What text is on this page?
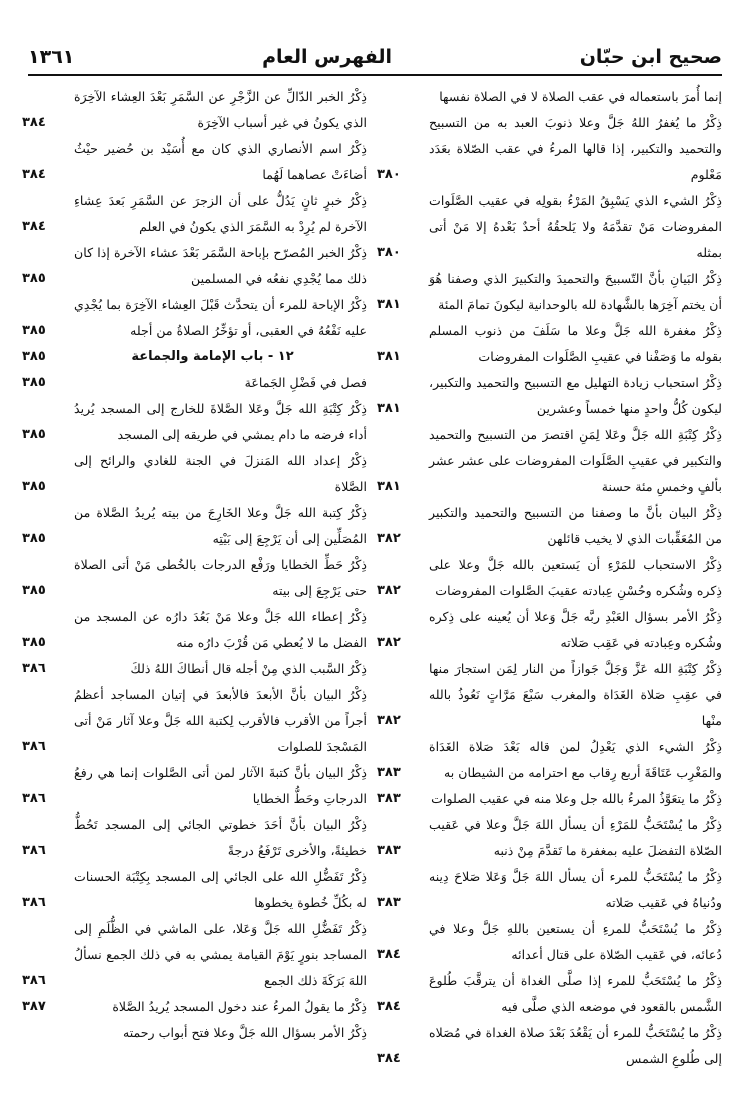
صحيح ابن حبّان
الفهرس العام
١٣٦١
إنما أُمرَ باستعماله في عقب الصلاة لا في الصلاة نفسها
ذِكْرُ ما يُغفرُ اللهُ جَلَّ وعلا ذنوبَ العبد به من التسبيح والتحميد والتكبير، إذا قالها المرءُ في عقب الصّلاة بعَدَد مَعْلوم
٣٨٠
ذِكْرُ الشيء الذي يَسْبِقُ المَرْءُ بقولِه في عقيب الصَّلَوات المفروضات مَنْ تقدَّمَهُ ولا يَلحقُهُ أحدٌ بَعْدهُ إلا مَنْ أتى بمثله
٣٨٠
ذِكْرُ البَيانِ بأنَّ التّسبيحَ والتحميدَ والتكبيرَ الذي وصفنا هُوَ أن يختم آخِرَها بالشَّهادة لله بالوحدانية ليكونَ تمامَ المئة
٣٨١
ذِكْرُ مغفرة الله جَلَّ وعلا ما سَلَفَ من ذنوب المسلم بقوله ما وَصَفْنا في عقيبِ الصَّلَوات المفروضات
٣٨١
ذِكْرُ استحباب زيادة التهليل مع التسبيح والتحميد والتكبير، ليكون كُلُّ واحدٍ منها خمساً وعشرين
٣٨١
ذِكْرُ كِتْبَةِ الله جَلَّ وعَلا لِمَنِ اقتصرَ من التسبيح والتحميد والتكبير في عقيبِ الصَّلَوات المفروضات على عشر عشر بألفٍ وخمسِ مئة حسنة
٣٨١
ذِكْرُ البيان بأنَّ ما وصفنا من التسبيح والتحميد والتكبير من المُعَقِّبات الذي لا يخيب قائلهن
٣٨٢
ذِكْرُ الاستحباب للمَرْءِ أن يَستعين بالله جَلَّ وعلا على ذِكره وشُكره وحُسْنِ عِبادته عقيبَ الصَّلوات المفروضات
٣٨٢
ذِكْرُ الأمر بسؤال العَبْدِ ربَّه جَلَّ وَعلا أن يُعينه على ذِكره وشُكره وعِبادته في عَقِب صَلاته
٣٨٢
ذِكْرُ كِتْبَةِ الله عَزَّ وَجَلَّ جَوازاً من النار لِمَن استجارَ منها في عقِبِ صَلاة الغَدَاة والمغرب سَبْعَ مَرَّاتٍ نَعُوذُ بالله منْها
٣٨٢
ذِكْرُ الشيء الذي يَعْدِلُ لمن قاله بَعْدَ صَلاة الغَدَاة والمَغْرِب عَتَاقَةَ أربع رِقاب مع احترامه من الشيطان به
٣٨٣
ذِكْرُ ما يتعَوَّذُ المرءُ بالله جل وعلا منه في عقيب الصلوات
٣٨٣
ذِكْرُ ما يُسْتَحَبُّ للمَرْءِ أن يسأل اللهَ جَلَّ وعلا في عَقيب الصّلاة التفضلَ عليه بمغفرة ما تَقدَّمَ مِنْ ذنبه
٣٨٣
ذِكْرُ ما يُسْتَحَبُّ للمرء أن يسأل اللهَ جَلَّ وَعَلا صَلاحَ دِينه ودُنياهُ في عَقيب صَلاته
٣٨٣
ذِكْرُ ما يُسْتَحَبُّ للمرءِ أن يستعين باللهِ جَلَّ وعلا في دُعائه، في عَقيب الصّلاة على قتال أعدائه
٣٨٤
ذِكْرُ ما يُسْتَحَبُّ للمرء إذا صلَّى الغداة أن يترقَّبَ طُلوعَ الشَّمس بالقعود في موضعه الذي صلَّى فيه
٣٨٤
ذِكْرُ ما يُسْتَحَبُّ للمرء أن يَقْعُدَ بَعْدَ صلاة الغداة في مُصَلاه إلى طُلوعِ الشمس
٣٨٤
ذِكْرُ الخبر الدّالِّ عن الزَّجْرِ عن السَّمَرِ بَعْدَ العِشاء الآخِرَة الذي يكونُ في غير أسباب الآخِرَة
٣٨٤
ذِكْرُ اسم الأنصاري الذي كان مع أُسَيْد بن حُضير حيْثُ أضاءَتْ عصاهما لَهُما
٣٨٤
ذِكْرُ خبرٍ ثانٍ يَدُلُّ على أن الزجرَ عن السَّمَرِ بَعدَ عِشاءِ الآخرة لم يُرِدْ به السَّمَرَ الذي يكونُ في العلم
٣٨٤
ذِكْرُ الخبر المُصرّح بإباحة السَّمَر بَعْدَ عشاء الآخرة إذا كان ذلك مما يُجْدِي نفعُه في المسلمين
٣٨٥
ذِكْرُ الإباحة للمرء أن يتحدَّث قَبْلَ العِشاء الآخِرَة بما يُجْدِي عليه نَفْعُهُ في العقبى، أو تؤخِّرُ الصلاةُ من أجله
٣٨٥
١٢ - باب الإمامة والجماعة
٣٨٥
فصل في فَضْلِ الجَماعَة
٣٨٥
ذِكْرُ كِتْبَةِ الله جَلَّ وعَلا الصَّلاةَ للخارج إلى المسجد يُريدُ أداء فرضه ما دام يمشي في طريقه إلى المسجد
٣٨٥
ذِكْرُ إعداد الله المَنزلَ في الجنة للغادي والرائح إلى الصَّلاة
٣٨٥
ذِكْرُ كِتبة الله جَلَّ وعلا الخَارِجَ من بيته يُريدُ الصَّلاة من المُصَلِّين إلى أن يَرْجِعَ إلى بَيْتِه
٣٨٥
ذِكْرُ حَطِّ الخطايا ورَفْع الدرجات بالخُطى مَنْ أتى الصلاة حتى يَرْجِعَ إلى بيته
٣٨٥
ذِكْرُ إعطاء الله جَلَّ وعلا مَنْ بَعُدَ دارُه عن المسجد من الفضل ما لا يُعطي مَن قُرْبَ دارُه منه
٣٨٥
ذِكْرُ السَّبب الذي مِنْ أجله قال أنطاكَ اللهُ ذلكَ
٣٨٦
ذِكْرُ البيان بأنَّ الأبعدَ فالأبعدَ في إتيان المساجد أعظمُ أجراً من الأقرب فالأقرب لِكتبة الله جَلَّ وعلا آثار مَنْ أتى المَسْجدَ للصلوات
٣٨٦
ذِكْرُ البيان بأنَّ كتبةَ الآثار لمن أتى الصَّلوات إنما هي رفعُ الدرجاتِ وحَطُّ الخطايا
٣٨٦
ذِكْرُ البيان بأنَّ أحَدَ خطوتي الجائي إلى المسجد تَحُطُّ خطيئةً، والأخرى تَرْفَعُ درجةً
٣٨٦
ذِكْرُ تَفَضُّلِ الله على الجائي إلى المسجد بِكِتْبَة الحسنات له بكُلِّ خُطوة يخطوها
٣٨٦
ذِكْرُ تَفَضُّلِ الله جَلَّ وَعَلا، على الماشي في الظُّلَمِ إلى المساجد بنورٍ يَوْمَ القيامة يمشي به في ذلك الجمع نسألُ اللهَ بَرَكَةَ ذلك الجمع
٣٨٦
ذِكْرُ ما يقولُ المرءُ عند دخول المسجد يُريدُ الصَّلاة
٣٨٧
ذِكْرُ الأمر بسؤال الله جَلَّ وعلا فتح أبواب رحمته
